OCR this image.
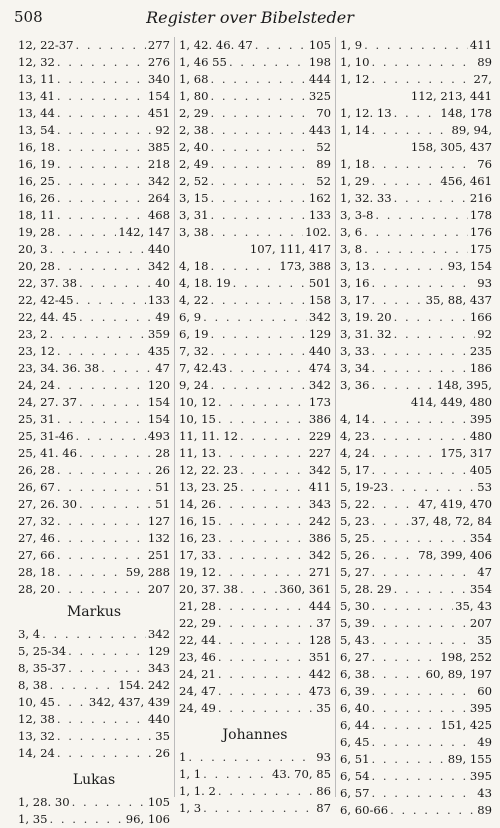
508	Register over Bibelsteder
12, 22-37 . . .	277
12, 32 . . .	276
13, 11 . . .	340
13, 41 . . .	154
13, 44 . . .	451
13, 54 . . .	92
16, 18 . . .	385
16, 19 . . .	218
16, 25 . . .	342
16, 26 . . .	264
18, 11 . . .	468
19, 28 . . .	142, 147
20, 3 . . .	440
20, 28 . . .	342
22, 37. 38 . . .	40
22, 42-45 . . .	133
22, 44. 45 . . .	49
23, 2 . . .	359
23, 12 . . .	435
23, 34. 36. 38 . . .	47
24, 24 . . .	120
24, 27. 37 . . .	154
25, 31 . . .	154
25, 31-46 . . .	493
25, 41. 46 . . .	28
26, 28 . . .	26
26, 67 . . .	51
27, 26. 30 . . .	51
27, 32 . . .	127
27, 46 . . .	132
27, 66 . . .	251
28, 18 . . .	59, 288
28, 20 . . .	207
Markus
3, 4 . . .	342
5, 25-34 . . .	129
8, 35-37 . . .	343
8, 38 . . .	154. 242
10, 45 . . .	342, 437, 439
12, 38 . . .	440
13, 32 . . .	35
14, 24 . . .	26
Lukas
1, 28. 30 . . .	105
1, 35 . . .	96, 106
1, 42. 46. 47 . . .	105
1, 46 55 . . .	198
1, 68 . . .	444
1, 80 . . .	325
2, 29 . . .	70
2, 38 . . .	443
2, 40 . . .	52
2, 49 . . .	89
2, 52 . . .	52
3, 15 . . .	162
3, 31 . . .	133
3, 38 . . .	102.
107, 111, 417
4, 18 . . .	173, 388
4, 18. 19 . . .	501
4, 22 . . .	158
6, 9 . . .	342
6, 19 . . .	129
7, 32 . . .	440
7, 42.43 . . .	474
9, 24 . . .	342
10, 12 . . .	173
10, 15 . . .	386
11, 11. 12 . . .	229
11, 13 . . .	227
12, 22. 23 . . .	342
13, 23. 25 . . .	411
14, 26 . . .	343
16, 15 . . .	242
16, 23 . . .	386
17, 33 . . .	342
19, 12 . . .	271
20, 37. 38 . . .	360, 361
21, 28 . . .	444
22, 29 . . .	37
22, 44 . . .	128
23, 46 . . .	351
24, 21 . . .	442
24, 47 . . .	473
24, 49 . . .	35
Johannes
1 . . .	93
1, 1 . . .	43. 70, 85
1, 1. 2 . . .	86
1, 3 . . .	87
1, 9 . . .	411
1, 10 . . .	89
1, 12 . . .	27,
112, 213, 441
1, 12. 13 . . .	148, 178
1, 14 . . .	89, 94,
158, 305, 437
1, 18 . . .	76
1, 29 . . .	456, 461
1, 32. 33 . . .	216
3, 3-8 . . .	178
3, 6 . . .	176
3, 8 . . .	175
3, 13 . . .	93, 154
3, 16 . . .	93
3, 17 . . .	35, 88, 437
3, 19. 20 . . .	166
3, 31. 32 . . .	92
3, 33 . . .	235
3, 34 . . .	186
3, 36 . . .	148, 395,
414, 449, 480
4, 14 . . .	395
4, 23 . . .	480
4, 24 . . .	175, 317
5, 17 . . .	405
5, 19-23 . . .	53
5, 22 . . .	47, 419, 470
5, 23 . . .	37, 48, 72, 84
5, 25 . . .	354
5, 26 . . .	78, 399, 406
5, 27 . . .	47
5, 28. 29 . . .	354
5, 30 . . .	35, 43
5, 39 . . .	207
5, 43 . . .	35
6, 27 . . .	198, 252
6, 38 . . .	60, 89, 197
6, 39 . . .	60
6, 40 . . .	395
6, 44 . . .	151, 425
6, 45 . . .	49
6, 51 . . .	89, 155
6, 54 . . .	395
6, 57 . . .	43
6, 60-66 . . .	89
